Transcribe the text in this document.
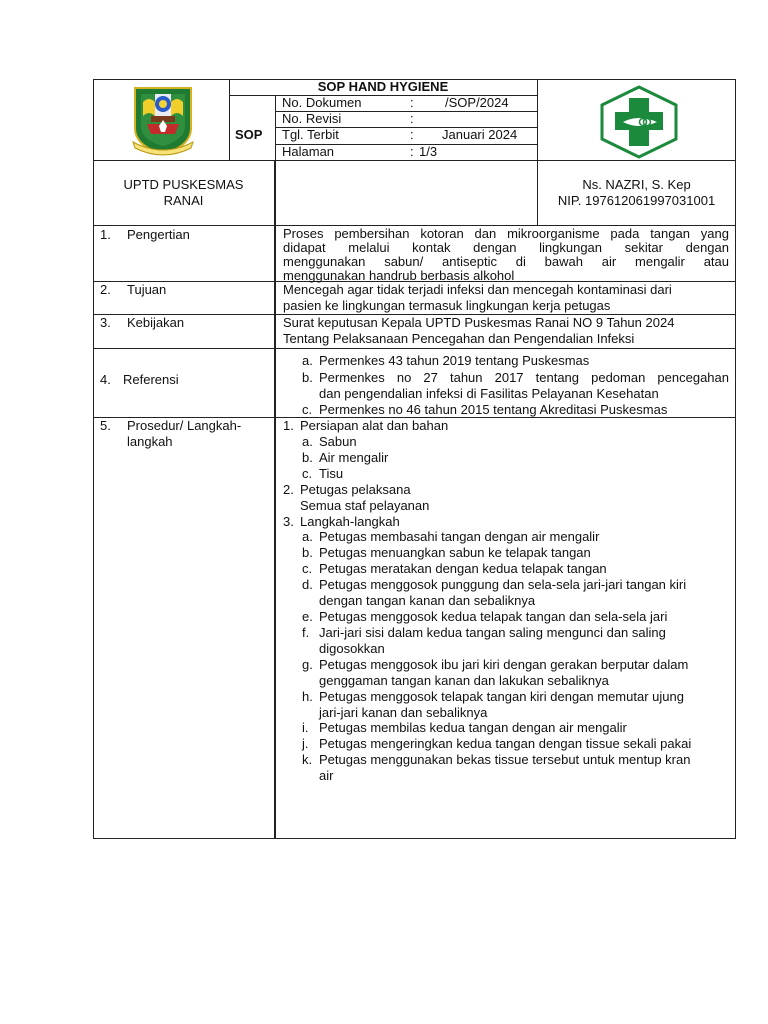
SOP HAND HYGIENE
SOP
No. Dokumen	: /SOP/2024
No. Revisi	:
Tgl. Terbit	: Januari 2024
Halaman	: 1/3
UPTD PUSKESMAS
RANAI
Ns. NAZRI, S. Kep
NIP. 197612061997031001
1. Pengertian	Proses pembersihan kotoran dan mikroorganisme pada tangan yang
didapat melalui kontak dengan lingkungan sekitar dengan
menggunakan sabun/ antiseptic di bawah air mengalir atau
menggunakan handrub berbasis alkohol
2. Tujuan	Mencegah agar tidak terjadi infeksi dan mencegah kontaminasi dari
pasien ke lingkungan termasuk lingkungan kerja petugas
3. Kebijakan	Surat keputusan Kepala UPTD Puskesmas Ranai NO 9 Tahun 2024
Tentang Pelaksanaan Pencegahan dan Pengendalian Infeksi
4. Referensi
a. Permenkes 43 tahun 2019 tentang Puskesmas
b. Permenkes no 27 tahun 2017 tentang pedoman pencegahan
dan pengendalian infeksi di Fasilitas Pelayanan Kesehatan
c. Permenkes no 46 tahun 2015 tentang Akreditasi Puskesmas
5. Prosedur/ Langkah-
langkah
1. Persiapan alat dan bahan
a. Sabun
b. Air mengalir
c. Tisu
2. Petugas pelaksana
Semua staf pelayanan
3. Langkah-langkah
a. Petugas membasahi tangan dengan air mengalir
b. Petugas menuangkan sabun ke telapak tangan
c. Petugas meratakan dengan kedua telapak tangan
d. Petugas menggosok punggung dan sela-sela jari-jari tangan kiri
dengan tangan kanan dan sebaliknya
e. Petugas menggosok kedua telapak tangan dan sela-sela jari
f. Jari-jari sisi dalam kedua tangan saling mengunci dan saling
digosokkan
g. Petugas menggosok ibu jari kiri dengan gerakan berputar dalam
genggaman tangan kanan dan lakukan sebaliknya
h. Petugas menggosok telapak tangan kiri dengan memutar ujung
jari-jari kanan dan sebaliknya
i. Petugas membilas kedua tangan dengan air mengalir
j. Petugas mengeringkan kedua tangan dengan tissue sekali pakai
k. Petugas menggunakan bekas tissue tersebut untuk mentup kran
air
